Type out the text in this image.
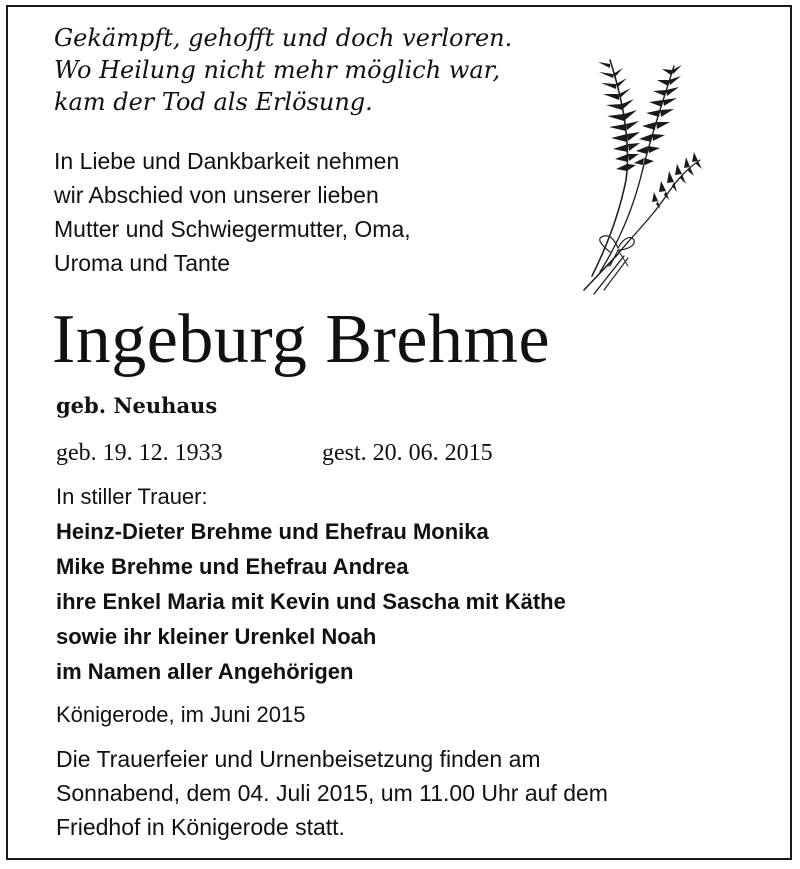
Gekämpft, gehofft und doch verloren.
Wo Heilung nicht mehr möglich war,
kam der Tod als Erlösung.
In Liebe und Dankbarkeit nehmen
wir Abschied von unserer lieben
Mutter und Schwiegermutter, Oma,
Uroma und Tante
Ingeburg Brehme
geb. Neuhaus
geb. 19. 12. 1933	gest. 20. 06. 2015
In stiller Trauer:
Heinz-Dieter Brehme und Ehefrau Monika
Mike Brehme und Ehefrau Andrea
ihre Enkel Maria mit Kevin und Sascha mit Käthe
sowie ihr kleiner Urenkel Noah
im Namen aller Angehörigen
Königerode, im Juni 2015
Die Trauerfeier und Urnenbeisetzung finden am
Sonnabend, dem 04. Juli 2015, um 11.00 Uhr auf dem
Friedhof in Königerode statt.
